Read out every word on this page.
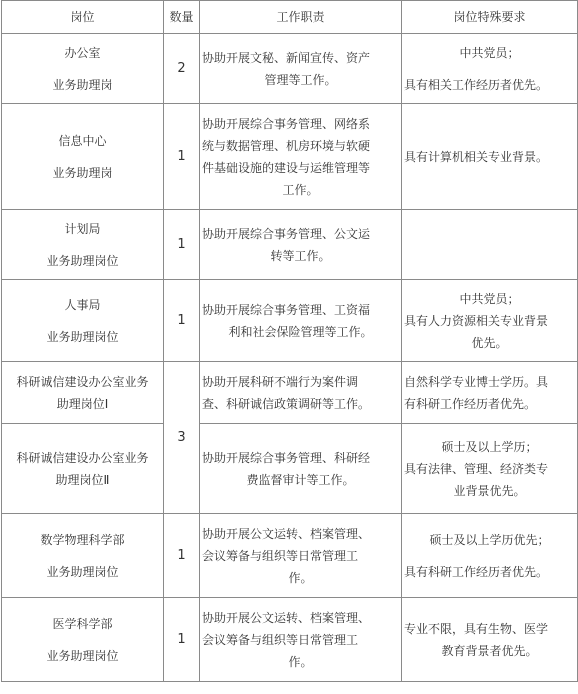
岗位	数量	工作职责	岗位特殊要求

办公室
业务助理岗	2	协助开展文秘、新闻宣传、资产
管理等工作。	中共党员；
具有相关工作经历者优先。

信息中心
业务助理岗	1	协助开展综合事务管理、网络系
统与数据管理、机房环境与软硬
件基础设施的建设与运维管理等
工作。	具有计算机相关专业背景。

计划局
业务助理岗位	1	协助开展综合事务管理、公文运
转等工作。	

人事局
业务助理岗位	1	协助开展综合事务管理、工资福
利和社会保险管理等工作。	中共党员；
具有人力资源相关专业背景
优先。

科研诚信建设办公室业务
助理岗位Ⅰ	3	协助开展科研不端行为案件调
查、科研诚信政策调研等工作。	自然科学专业博士学历。具
有科研工作经历者优先。

科研诚信建设办公室业务
助理岗位Ⅱ		协助开展综合事务管理、科研经
费监督审计等工作。	硕士及以上学历；
具有法律、管理、经济类专
业背景优先。

数学物理科学部
业务助理岗位	1	协助开展公文运转、档案管理、
会议筹备与组织等日常管理工
作。	硕士及以上学历优先；
具有科研工作经历者优先。

医学科学部
业务助理岗位	1	协助开展公文运转、档案管理、
会议筹备与组织等日常管理工
作。	专业不限，具有生物、医学
教育背景者优先。
